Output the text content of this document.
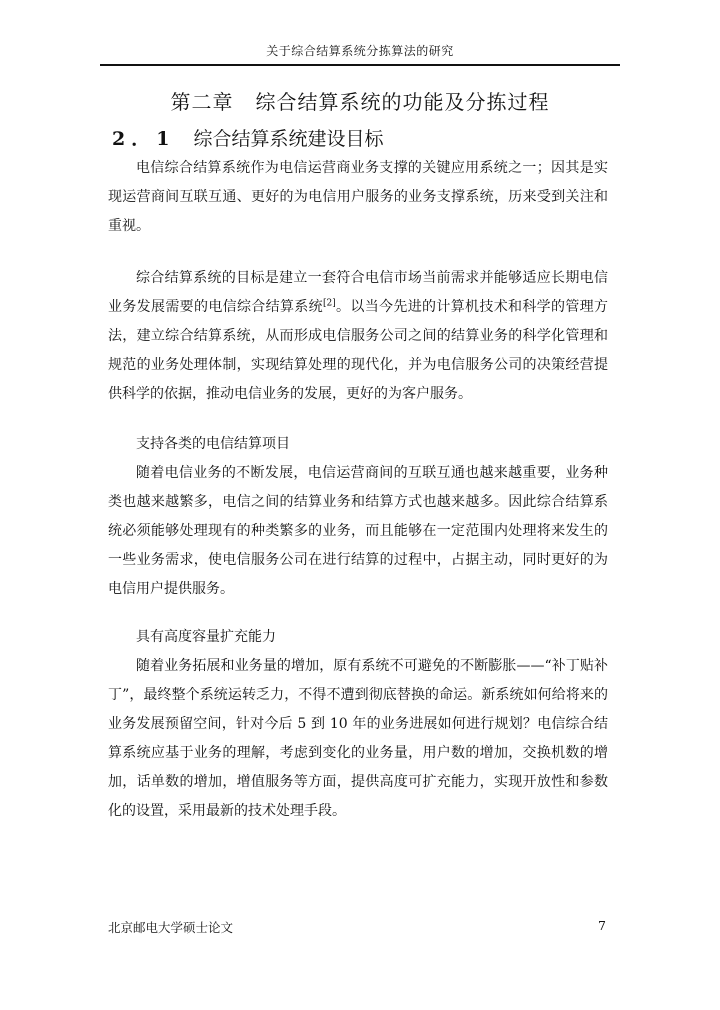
关于综合结算系统分拣算法的研究
第二章   综合结算系统的功能及分拣过程
2．1 综合结算系统建设目标

电信综合结算系统作为电信运营商业务支撑的关键应用系统之一；因其是实现运营商间互联互通、更好的为电信用户服务的业务支撑系统，历来受到关注和重视。

综合结算系统的目标是建立一套符合电信市场当前需求并能够适应长期电信业务发展需要的电信综合结算系统[2]。以当今先进的计算机技术和科学的管理方法，建立综合结算系统，从而形成电信服务公司之间的结算业务的科学化管理和规范的业务处理体制，实现结算处理的现代化，并为电信服务公司的决策经营提供科学的依据，推动电信业务的发展，更好的为客户服务。

支持各类的电信结算项目

随着电信业务的不断发展，电信运营商间的互联互通也越来越重要，业务种类也越来越繁多，电信之间的结算业务和结算方式也越来越多。因此综合结算系统必须能够处理现有的种类繁多的业务，而且能够在一定范围内处理将来发生的一些业务需求，使电信服务公司在进行结算的过程中，占据主动，同时更好的为电信用户提供服务。

具有高度容量扩充能力

随着业务拓展和业务量的增加，原有系统不可避免的不断膨胀——“补丁贴补丁”，最终整个系统运转乏力，不得不遭到彻底替换的命运。新系统如何给将来的业务发展预留空间，针对今后 5 到 10 年的业务进展如何进行规划？电信综合结算系统应基于业务的理解，考虑到变化的业务量，用户数的增加，交换机数的增加，话单数的增加，增值服务等方面，提供高度可扩充能力，实现开放性和参数化的设置，采用最新的技术处理手段。

北京邮电大学硕士论文	7
